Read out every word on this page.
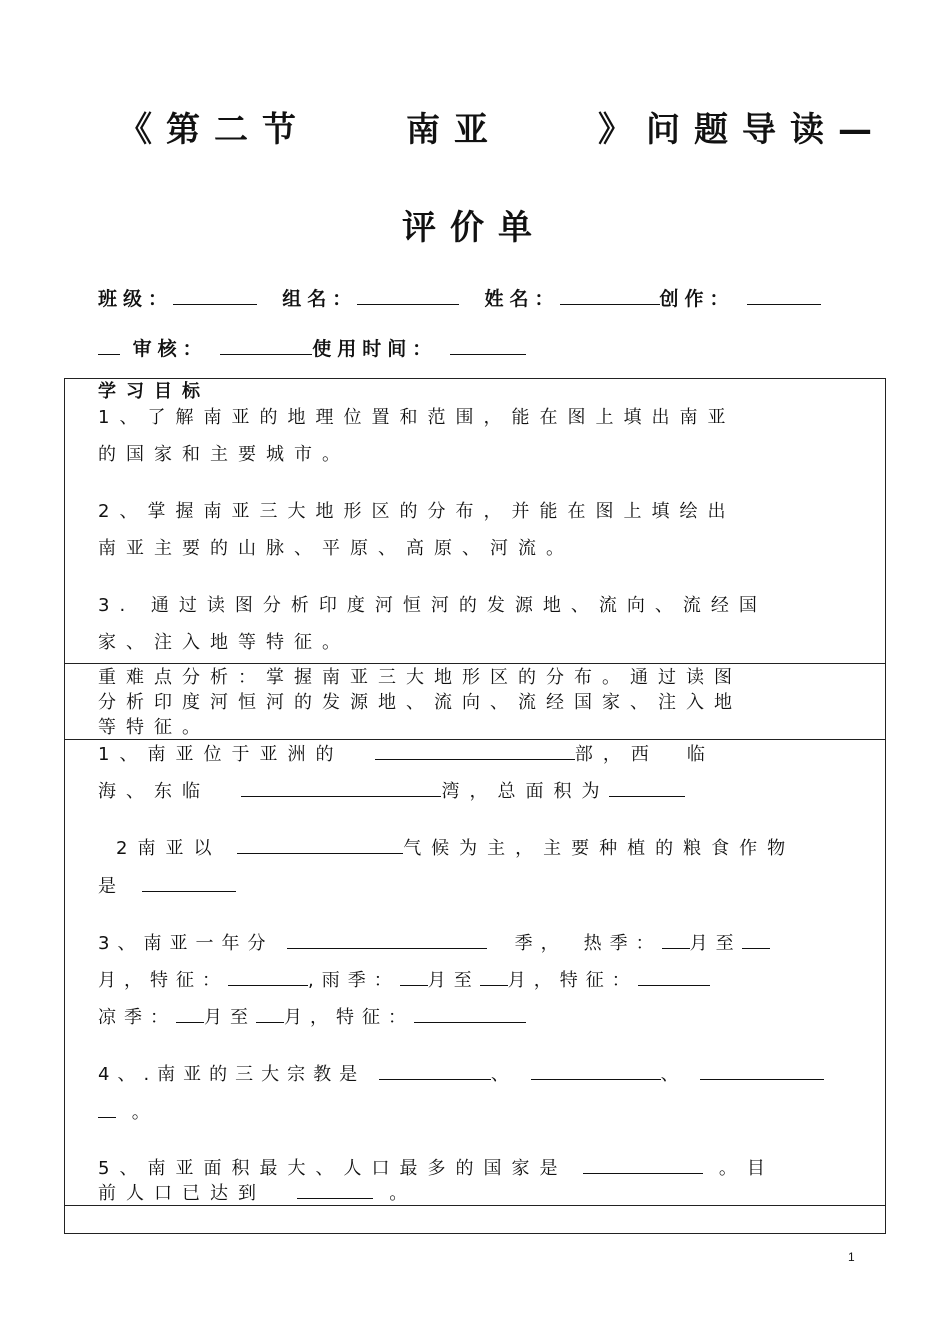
《第二节　　南亚　　》问题导读—
评价单
班级：	组名：	姓名：	创作：
审核：	使用时间：
学习目标
1、了解南亚的地理位置和范围，能在图上填出南亚
的国家和主要城市。
2、掌握南亚三大地形区的分布，并能在图上填绘出
南亚主要的山脉、平原、高原、河流。
3. 通过读图分析印度河恒河的发源地、流向、流经国
家、注入地等特征。
重难点分析：掌握南亚三大地形区的分布。通过读图
分析印度河恒河的发源地、流向、流经国家、注入地
等特征。
1、南亚位于亚洲的	部，西　临
海、东临	湾，总面积为
2南亚以	气候为主，主要种植的粮食作物
是
3、南亚一年分	季，　热季： 月至
月，特征：	,雨季： 月至 月，特征：
凉季： 月至 月，特征：
4、.南亚的三大宗教是	、	、
。
5、南亚面积最大、人口最多的国家是	。目
前人口已达到	。
1
